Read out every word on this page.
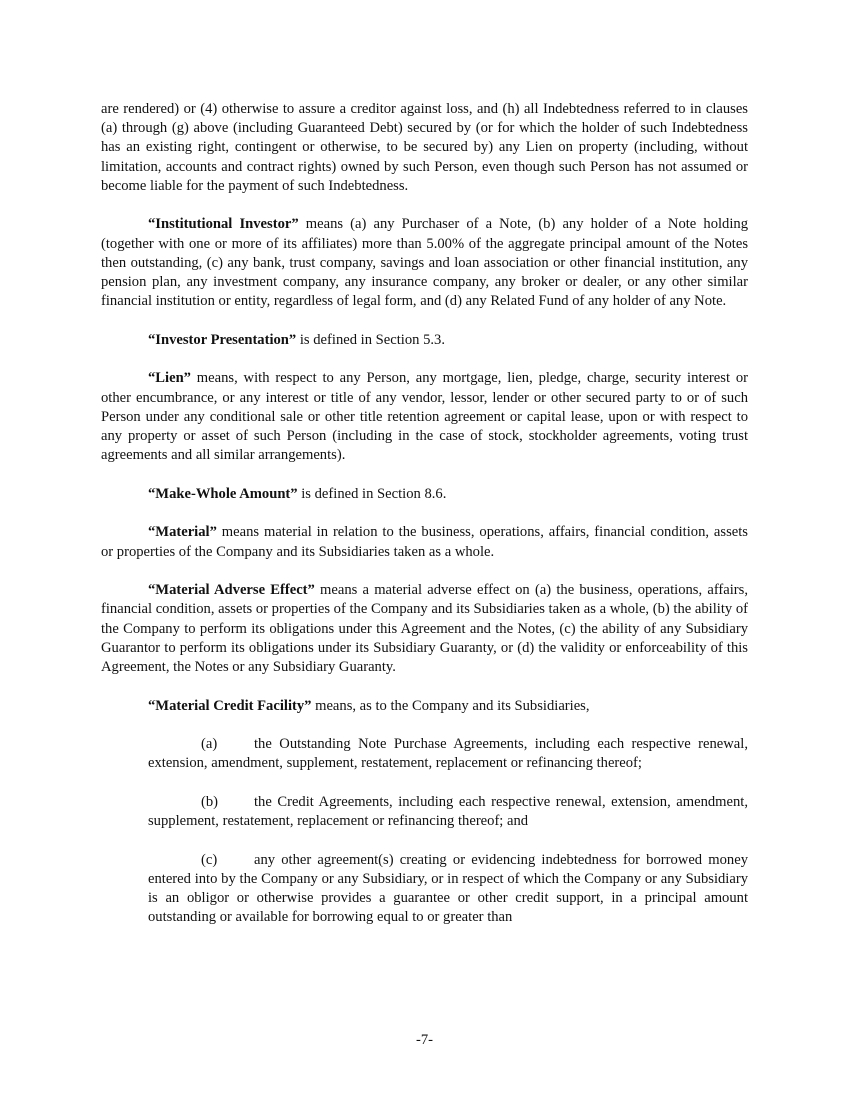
are rendered) or (4) otherwise to assure a creditor against loss, and (h) all Indebtedness referred to in clauses (a) through (g) above (including Guaranteed Debt) secured by (or for which the holder of such Indebtedness has an existing right, contingent or otherwise, to be secured by) any Lien on property (including, without limitation, accounts and contract rights) owned by such Person, even though such Person has not assumed or become liable for the payment of such Indebtedness.

“Institutional Investor” means (a) any Purchaser of a Note, (b) any holder of a Note holding (together with one or more of its affiliates) more than 5.00% of the aggregate principal amount of the Notes then outstanding, (c) any bank, trust company, savings and loan association or other financial institution, any pension plan, any investment company, any insurance company, any broker or dealer, or any other similar financial institution or entity, regardless of legal form, and (d) any Related Fund of any holder of any Note.

“Investor Presentation” is defined in Section 5.3.

“Lien” means, with respect to any Person, any mortgage, lien, pledge, charge, security interest or other encumbrance, or any interest or title of any vendor, lessor, lender or other secured party to or of such Person under any conditional sale or other title retention agreement or capital lease, upon or with respect to any property or asset of such Person (including in the case of stock, stockholder agreements, voting trust agreements and all similar arrangements).

“Make-Whole Amount” is defined in Section 8.6.

“Material” means material in relation to the business, operations, affairs, financial condition, assets or properties of the Company and its Subsidiaries taken as a whole.

“Material Adverse Effect” means a material adverse effect on (a) the business, operations, affairs, financial condition, assets or properties of the Company and its Subsidiaries taken as a whole, (b) the ability of the Company to perform its obligations under this Agreement and the Notes, (c) the ability of any Subsidiary Guarantor to perform its obligations under its Subsidiary Guaranty, or (d) the validity or enforceability of this Agreement, the Notes or any Subsidiary Guaranty.

“Material Credit Facility” means, as to the Company and its Subsidiaries,

(a)	the Outstanding Note Purchase Agreements, including each respective renewal, extension, amendment, supplement, restatement, replacement or refinancing thereof;

(b) the Credit Agreements, including each respective renewal, extension, amendment, supplement, restatement, replacement or refinancing thereof; and

(c)	any other agreement(s) creating or evidencing indebtedness for borrowed money entered into by the Company or any Subsidiary, or in respect of which the Company or any Subsidiary is an obligor or otherwise provides a guarantee or other credit support, in a principal amount outstanding or available for borrowing equal to or greater than

-7-
